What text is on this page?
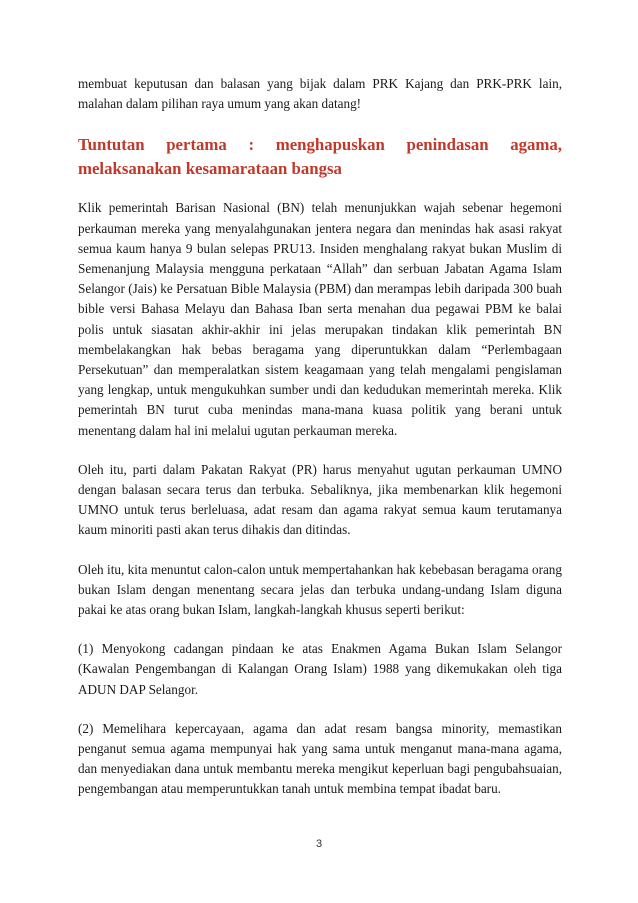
membuat keputusan dan balasan yang bijak dalam PRK Kajang dan PRK-PRK lain, malahan dalam pilihan raya umum yang akan datang!

Tuntutan pertama : menghapuskan penindasan agama, melaksanakan kesamarataan bangsa

Klik pemerintah Barisan Nasional (BN) telah menunjukkan wajah sebenar hegemoni perkauman mereka yang menyalahgunakan jentera negara dan menindas hak asasi rakyat semua kaum hanya 9 bulan selepas PRU13. Insiden menghalang rakyat bukan Muslim di Semenanjung Malaysia mengguna perkataan “Allah” dan serbuan Jabatan Agama Islam Selangor (Jais) ke Persatuan Bible Malaysia (PBM) dan merampas lebih daripada 300 buah bible versi Bahasa Melayu dan Bahasa Iban serta menahan dua pegawai PBM ke balai polis untuk siasatan akhir-akhir ini jelas merupakan tindakan klik pemerintah BN membelakangkan hak bebas beragama yang diperuntukkan dalam “Perlembagaan Persekutuan” dan memperalatkan sistem keagamaan yang telah mengalami pengislaman yang lengkap, untuk mengukuhkan sumber undi dan kedudukan memerintah mereka. Klik pemerintah BN turut cuba menindas mana-mana kuasa politik yang berani untuk menentang dalam hal ini melalui ugutan perkauman mereka.

Oleh itu, parti dalam Pakatan Rakyat (PR) harus menyahut ugutan perkauman UMNO dengan balasan secara terus dan terbuka. Sebaliknya, jika membenarkan klik hegemoni UMNO untuk terus berleluasa, adat resam dan agama rakyat semua kaum terutamanya kaum minoriti pasti akan terus dihakis dan ditindas.

Oleh itu, kita menuntut calon-calon untuk mempertahankan hak kebebasan beragama orang bukan Islam dengan menentang secara jelas dan terbuka undang-undang Islam diguna pakai ke atas orang bukan Islam, langkah-langkah khusus seperti berikut:

(1) Menyokong cadangan pindaan ke atas Enakmen Agama Bukan Islam Selangor (Kawalan Pengembangan di Kalangan Orang Islam) 1988 yang dikemukakan oleh tiga ADUN DAP Selangor.

(2) Memelihara kepercayaan, agama dan adat resam bangsa minority, memastikan penganut semua agama mempunyai hak yang sama untuk menganut mana-mana agama, dan menyediakan dana untuk membantu mereka mengikut keperluan bagi pengubahsuaian, pengembangan atau memperuntukkan tanah untuk membina tempat ibadat baru.

3
